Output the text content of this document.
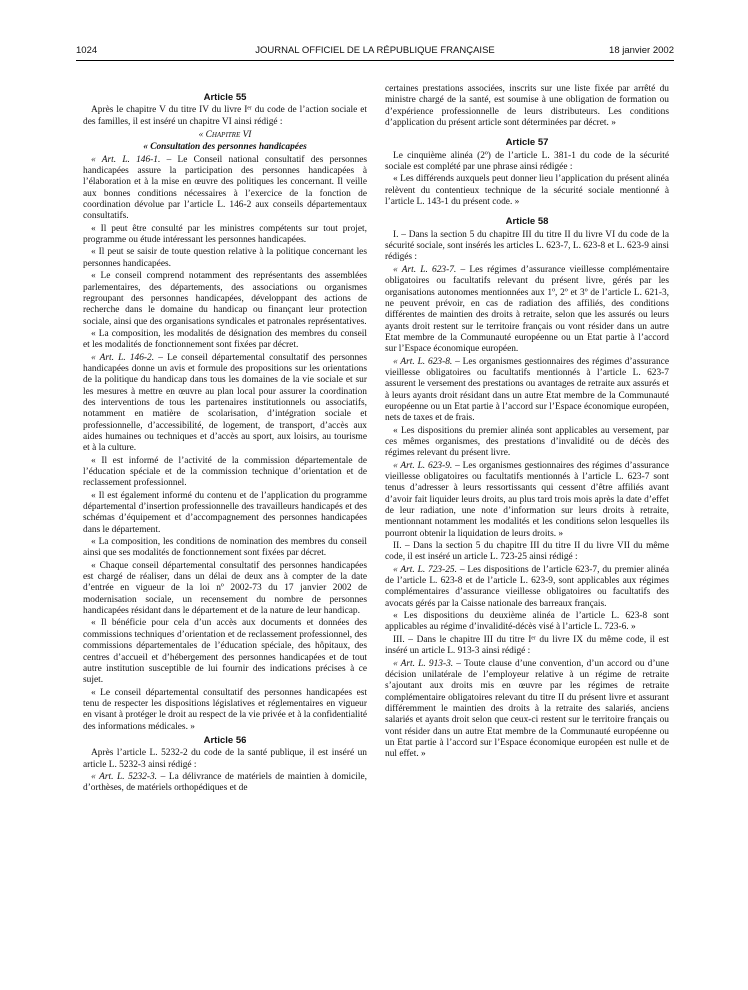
1024	JOURNAL OFFICIEL DE LA RÉPUBLIQUE FRANÇAISE	18 janvier 2002
Article 55

Après le chapitre V du titre IV du livre Iᵉʳ du code de l’action sociale et des familles, il est inséré un chapitre VI ainsi rédigé :

« Chapitre VI
« Consultation des personnes handicapées

« Art. L. 146-1. – Le Conseil national consultatif des personnes handicapées assure la participation des personnes handicapées à l’élaboration et à la mise en œuvre des politiques les concernant. Il veille aux bonnes conditions nécessaires à l’exercice de la fonction de coordination dévolue par l’article L. 146-2 aux conseils départementaux consultatifs.

« Il peut être consulté par les ministres compétents sur tout projet, programme ou étude intéressant les personnes handicapées.

« Il peut se saisir de toute question relative à la politique concernant les personnes handicapées.

« Le conseil comprend notamment des représentants des assemblées parlementaires, des départements, des associations ou organismes regroupant des personnes handicapées, développant des actions de recherche dans le domaine du handicap ou finançant leur protection sociale, ainsi que des organisations syndicales et patronales représentatives.

« La composition, les modalités de désignation des membres du conseil et les modalités de fonctionnement sont fixées par décret.

« Art. L. 146-2. – Le conseil départemental consultatif des personnes handicapées donne un avis et formule des propositions sur les orientations de la politique du handicap dans tous les domaines de la vie sociale et sur les mesures à mettre en œuvre au plan local pour assurer la coordination des interventions de tous les partenaires institutionnels ou associatifs, notamment en matière de scolarisation, d’intégration sociale et professionnelle, d’accessibilité, de logement, de transport, d’accès aux aides humaines ou techniques et d’accès au sport, aux loisirs, au tourisme et à la culture.

« Il est informé de l’activité de la commission départementale de l’éducation spéciale et de la commission technique d’orientation et de reclassement professionnel.

« Il est également informé du contenu et de l’application du programme départemental d’insertion professionnelle des travailleurs handicapés et des schémas d’équipement et d’accompagnement des personnes handicapées dans le département.

« La composition, les conditions de nomination des membres du conseil ainsi que ses modalités de fonctionnement sont fixées par décret.

« Chaque conseil départemental consultatif des personnes handicapées est chargé de réaliser, dans un délai de deux ans à compter de la date d’entrée en vigueur de la loi nº 2002-73 du 17 janvier 2002 de modernisation sociale, un recensement du nombre de personnes handicapées résidant dans le département et de la nature de leur handicap.

« Il bénéficie pour cela d’un accès aux documents et données des commissions techniques d’orientation et de reclassement professionnel, des commissions départementales de l’éducation spéciale, des hôpitaux, des centres d’accueil et d’hébergement des personnes handicapées et de tout autre institution susceptible de lui fournir des indications précises à ce sujet.

« Le conseil départemental consultatif des personnes handicapées est tenu de respecter les dispositions législatives et réglementaires en vigueur en visant à protéger le droit au respect de la vie privée et à la confidentialité des informations médicales. »

Article 56

Après l’article L. 5232-2 du code de la santé publique, il est inséré un article L. 5232-3 ainsi rédigé :

« Art. L. 5232-3. – La délivrance de matériels de maintien à domicile, d’orthèses, de matériels orthopédiques et de

certaines prestations associées, inscrits sur une liste fixée par arrêté du ministre chargé de la santé, est soumise à une obligation de formation ou d’expérience professionnelle de leurs distributeurs. Les conditions d’application du présent article sont déterminées par décret. »

Article 57

Le cinquième alinéa (2º) de l’article L. 381-1 du code de la sécurité sociale est complété par une phrase ainsi rédigée :

« Les différends auxquels peut donner lieu l’application du présent alinéa relèvent du contentieux technique de la sécurité sociale mentionné à l’article L. 143-1 du présent code. »

Article 58

I. – Dans la section 5 du chapitre III du titre II du livre VI du code de la sécurité sociale, sont insérés les articles L. 623-7, L. 623-8 et L. 623-9 ainsi rédigés :

« Art. L. 623-7. – Les régimes d’assurance vieillesse complémentaire obligatoires ou facultatifs relevant du présent livre, gérés par les organisations autonomes mentionnées aux 1º, 2º et 3º de l’article L. 621-3, ne peuvent prévoir, en cas de radiation des affiliés, des conditions différentes de maintien des droits à retraite, selon que les assurés ou leurs ayants droit restent sur le territoire français ou vont résider dans un autre Etat membre de la Communauté européenne ou un Etat partie à l’accord sur l’Espace économique européen.

« Art. L. 623-8. – Les organismes gestionnaires des régimes d’assurance vieillesse obligatoires ou facultatifs mentionnés à l’article L. 623-7 assurent le versement des prestations ou avantages de retraite aux assurés et à leurs ayants droit résidant dans un autre Etat membre de la Communauté européenne ou un Etat partie à l’accord sur l’Espace économique européen, nets de taxes et de frais.

« Les dispositions du premier alinéa sont applicables au versement, par ces mêmes organismes, des prestations d’invalidité ou de décès des régimes relevant du présent livre.

« Art. L. 623-9. – Les organismes gestionnaires des régimes d’assurance vieillesse obligatoires ou facultatifs mentionnés à l’article L. 623-7 sont tenus d’adresser à leurs ressortissants qui cessent d’être affiliés avant d’avoir fait liquider leurs droits, au plus tard trois mois après la date d’effet de leur radiation, une note d’information sur leurs droits à retraite, mentionnant notamment les modalités et les conditions selon lesquelles ils pourront obtenir la liquidation de leurs droits. »

II. – Dans la section 5 du chapitre III du titre II du livre VII du même code, il est inséré un article L. 723-25 ainsi rédigé :

« Art. L. 723-25. – Les dispositions de l’article 623-7, du premier alinéa de l’article L. 623-8 et de l’article L. 623-9, sont applicables aux régimes complémentaires d’assurance vieillesse obligatoires ou facultatifs des avocats gérés par la Caisse nationale des barreaux français.

« Les dispositions du deuxième alinéa de l’article L. 623-8 sont applicables au régime d’invalidité-décès visé à l’article L. 723-6. »

III. – Dans le chapitre III du titre Iᵉʳ du livre IX du même code, il est inséré un article L. 913-3 ainsi rédigé :

« Art. L. 913-3. – Toute clause d’une convention, d’un accord ou d’une décision unilatérale de l’employeur relative à un régime de retraite s’ajoutant aux droits mis en œuvre par les régimes de retraite complémentaire obligatoires relevant du titre II du présent livre et assurant différemment le maintien des droits à la retraite des salariés, anciens salariés et ayants droit selon que ceux-ci restent sur le territoire français ou vont résider dans un autre Etat membre de la Communauté européenne ou un Etat partie à l’accord sur l’Espace économique européen est nulle et de nul effet. »
